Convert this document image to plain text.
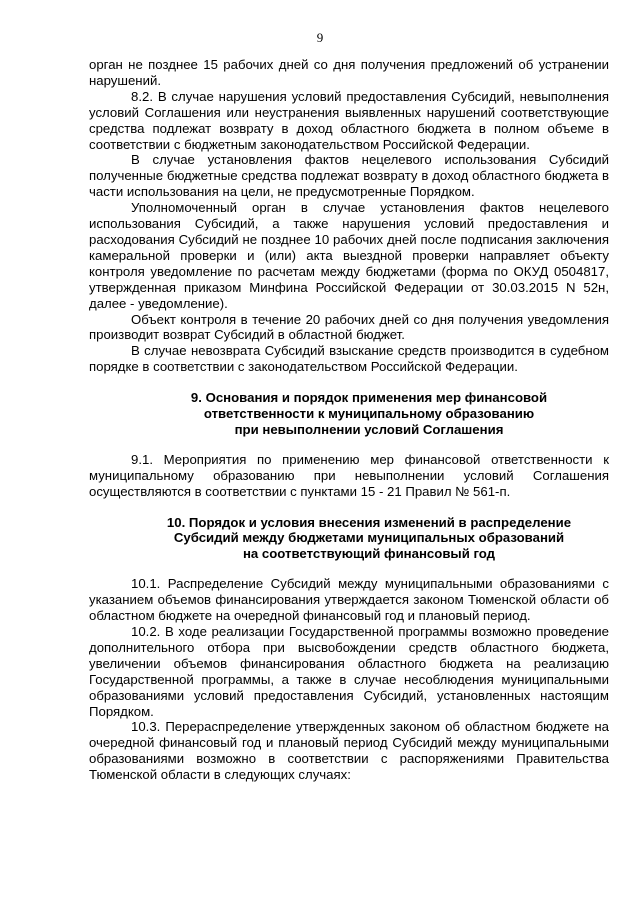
9

орган не позднее 15 рабочих дней со дня получения предложений об устранении нарушений.

8.2. В случае нарушения условий предоставления Субсидий, невыполнения условий Соглашения или неустранения выявленных нарушений соответствующие средства подлежат возврату в доход областного бюджета в полном объеме в соответствии с бюджетным законодательством Российской Федерации.

В случае установления фактов нецелевого использования Субсидий полученные бюджетные средства подлежат возврату в доход областного бюджета в части использования на цели, не предусмотренные Порядком.

Уполномоченный орган в случае установления фактов нецелевого использования Субсидий, а также нарушения условий предоставления и расходования Субсидий не позднее 10 рабочих дней после подписания заключения камеральной проверки и (или) акта выездной проверки направляет объекту контроля уведомление по расчетам между бюджетами (форма по ОКУД 0504817, утвержденная приказом Минфина Российской Федерации от 30.03.2015 N 52н, далее - уведомление).

Объект контроля в течение 20 рабочих дней со дня получения уведомления производит возврат Субсидий в областной бюджет.

В случае невозврата Субсидий взыскание средств производится в судебном порядке в соответствии с законодательством Российской Федерации.

9. Основания и порядок применения мер финансовой
ответственности к муниципальному образованию
при невыполнении условий Соглашения

9.1. Мероприятия по применению мер финансовой ответственности к муниципальному образованию при невыполнении условий Соглашения осуществляются в соответствии с пунктами 15 - 21 Правил № 561-п.

10. Порядок и условия внесения изменений в распределение
Субсидий между бюджетами муниципальных образований
на соответствующий финансовый год

10.1. Распределение Субсидий между муниципальными образованиями с указанием объемов финансирования утверждается законом Тюменской области об областном бюджете на очередной финансовый год и плановый период.

10.2. В ходе реализации Государственной программы возможно проведение дополнительного отбора при высвобождении средств областного бюджета, увеличении объемов финансирования областного бюджета на реализацию Государственной программы, а также в случае несоблюдения муниципальными образованиями условий предоставления Субсидий, установленных настоящим Порядком.

10.3. Перераспределение утвержденных законом об областном бюджете на очередной финансовый год и плановый период Субсидий между муниципальными образованиями возможно в соответствии с распоряжениями Правительства Тюменской области в следующих случаях:
